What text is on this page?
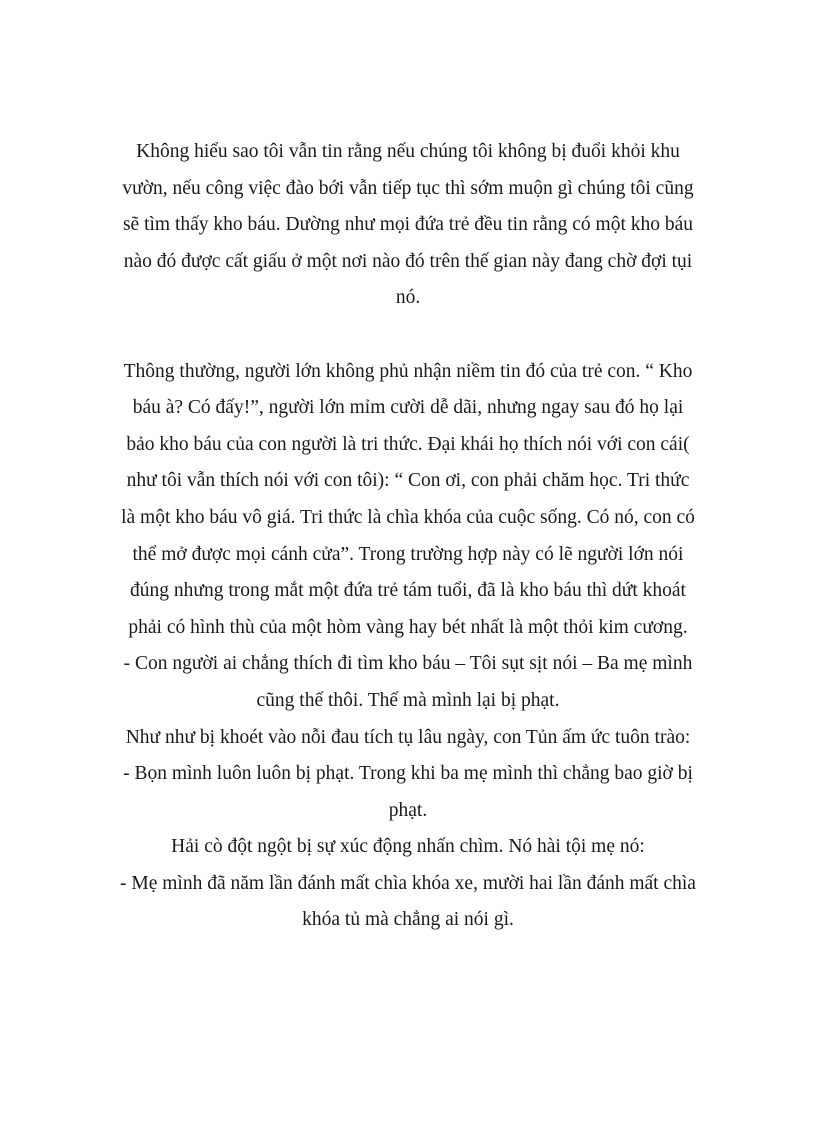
Không hiểu sao tôi vẫn tin rằng nếu chúng tôi không bị đuổi khỏi khu vườn, nếu công việc đào bới vẫn tiếp tục thì sớm muộn gì chúng tôi cũng sẽ tìm thấy kho báu. Dường như mọi đứa trẻ đều tin rằng có một kho báu nào đó được cất giấu ở một nơi nào đó trên thế gian này đang chờ đợi tụi nó.

Thông thường, người lớn không phủ nhận niềm tin đó của trẻ con. “ Kho báu à? Có đấy!”, người lớn mỉm cười dễ dãi, nhưng ngay sau đó họ lại bảo kho báu của con người là tri thức. Đại khái họ thích nói với con cái( như tôi vẫn thích nói với con tôi): “ Con ơi, con phải chăm học. Tri thức là một kho báu vô giá. Tri thức là chìa khóa của cuộc sống. Có nó, con có thể mở được mọi cánh cửa”. Trong trường hợp này có lẽ người lớn nói đúng nhưng trong mắt một đứa trẻ tám tuổi, đã là kho báu thì dứt khoát phải có hình thù của một hòm vàng hay bét nhất là một thỏi kim cương.

- Con người ai chẳng thích đi tìm kho báu – Tôi sụt sịt nói – Ba mẹ mình cũng thế thôi. Thế mà mình lại bị phạt.

Như như bị khoét vào nỗi đau tích tụ lâu ngày, con Tủn ấm ức tuôn trào:

- Bọn mình luôn luôn bị phạt. Trong khi ba mẹ mình thì chẳng bao giờ bị phạt.

Hải cò đột ngột bị sự xúc động nhấn chìm. Nó hài tội mẹ nó:

- Mẹ mình đã năm lần đánh mất chìa khóa xe, mười hai lần đánh mất chìa khóa tủ mà chẳng ai nói gì.
